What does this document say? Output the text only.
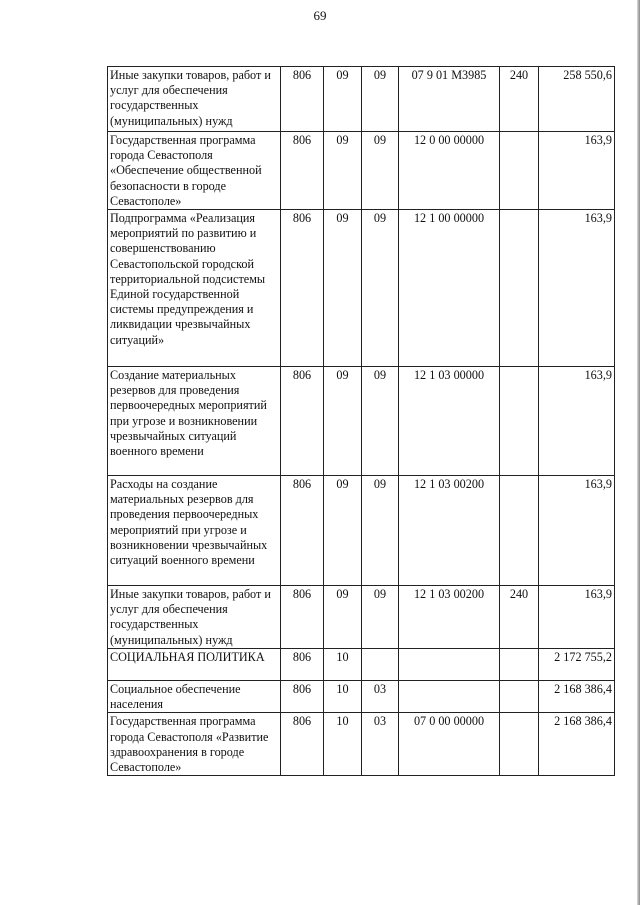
69
Иные закупки товаров, работ и услуг для обеспечения государственных (муниципальных) нужд	806	09	09	07 9 01 М3985	240	258 550,6
Государственная программа города Севастополя «Обеспечение общественной безопасности в городе Севастополе»	806	09	09	12 0 00 00000		163,9
Подпрограмма «Реализация мероприятий по развитию и совершенствованию Севастопольской городской территориальной подсистемы Единой государственной системы предупреждения и ликвидации чрезвычайных ситуаций»	806	09	09	12 1 00 00000		163,9
Создание материальных резервов для проведения первоочередных мероприятий при угрозе и возникновении чрезвычайных ситуаций военного времени	806	09	09	12 1 03 00000		163,9
Расходы на создание материальных резервов для проведения первоочередных мероприятий при угрозе и возникновении чрезвычайных ситуаций военного времени	806	09	09	12 1 03 00200		163,9
Иные закупки товаров, работ и услуг для обеспечения государственных (муниципальных) нужд	806	09	09	12 1 03 00200	240	163,9
СОЦИАЛЬНАЯ ПОЛИТИКА	806	10				2 172 755,2
Социальное обеспечение населения	806	10	03			2 168 386,4
Государственная программа города Севастополя «Развитие здравоохранения в городе Севастополе»	806	10	03	07 0 00 00000		2 168 386,4
